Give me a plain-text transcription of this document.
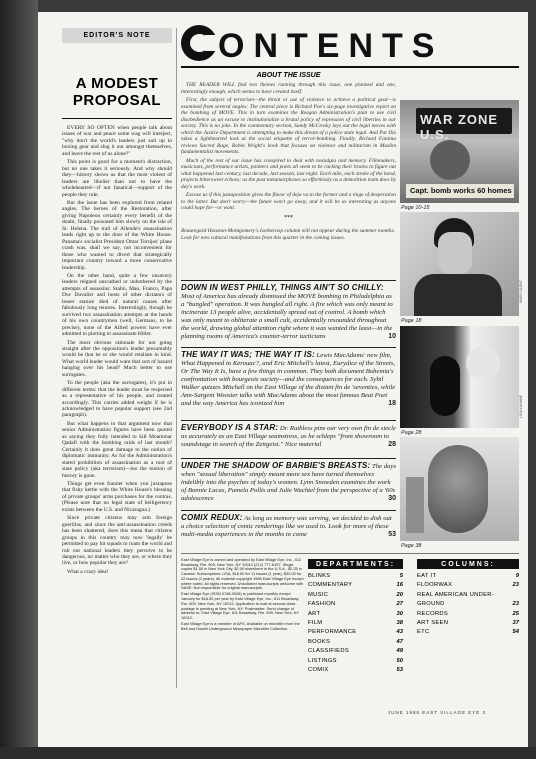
EDITOR'S NOTE
A MODEST
PROPOSAL

EVERY SO OFTEN when people talk about issues of war and peace some wag will interject, "why don't the world's leaders just suit up in boxing gear and slug it out amongst themselves, and leave the rest of us alone?"

This point is good for a moment's distraction, but no one takes it seriously. And why should they—history shows us that the most violent of leaders are likelier than not to have the wholehearted—if not fanatical—support of the people they rule.

But the issue has been explored from related angles. The heroes of the Restoration, after giving Napoleon certainly every benefit of the doubt, finally poisoned him slowly on the isle of St. Helena. The trail of Allende's assassination leads right up to the door of the White House. Panama's socialist President Omar Torrijos' plane crash was, shall we say, not inconvenient for those who wanted to divert that strategically important country toward a more conservative leadership.

On the other hand, quite a few unsavory leaders reigned unscathed or unbothered by the attempts of assassins: Stalin, Mao, Franco, Papa Doc Duvalier and hosts of other dictators of lesser stature died of natural causes after fabulously long tenures. Interestingly, though he survived two assassination attempts at the hands of his own countrymen (well, Germans, to be precise), none of the Allied powers have ever admitted to plotting to assassinate Hitler.

The most obvious rationale for not going straight after the opposition's leader presumably would be that he or she would retaliate in kind. What world leader would want that sort of hazard hanging over his head? Much better to use surrogates.

To the people (aka the surrogates), it's put in different terms: that the leader must be respected as a representative of his people, and treated accordingly. This carries added weight if he is acknowledged to have popular support (see 2nd paragraph).

But what happens to that argument now that senior Administration figures have been quoted as saying they fully intended to kill Moammar Qadafi with the bombing raids of last month? Certainly it does great damage to the notion of diplomatic immunity. As for the Administration's stated prohibition of assassination as a tool of state policy (aka terrorism)—mo the motion of history is gone.

Things get even funnier when you juxtapose that fishy kettle with the White House's blessing of private groups' arms purchases for the contras. (Please note that no legal state of belligerency exists between the U.S. and Nicaragua.)

Since private citizens may arm foreign guerillas, and since the anti-assassination creeds has been shattered, does this mean that citizens groups in this country may now 'legally' be permitted to pay hit squads to roam the world and rub out national leaders they perceive to be dangerous, no matter who they are, or where they live, or how popular they are?

What a crazy idea!

ONTENTS
ABOUT THE ISSUE

THE READER WILL find two themes running through this issue, one planned and one, interestingly enough, which seems to have created itself.

First, the subject of terrorism—the threat or use of violence to achieve a political goal—is examined from several angles: The central piece is Richard Poe's six-page investigative report on the bombing of MOVE. This in turn examines the Reagan Administration's plan to use civil disobedience as an excuse to institutionalize a brutal policy of repression of civil liberties in our society. This is no joke. In the commentary section, Sandy McCrosky lays out the legal moves with which the Justice Department is attempting to make this dream of a police state legal. And Pat Dix takes a lighthearted look at the social etiquette of terror-bombing. Finally, Richard Fantina reviews Sacred Rage, Robin Wright's book that focuses on violence and militarism in Muslim fundamentalist movements.

Much of the rest of our issue has conspired to deal with nostalgia and memory. Filmmakers, musicians, performance artists, painters and poets all seem to be racking their brains to figure out what happened last century, last decade, last season, last night. Each mile, each stroke of the hand, projects bittersweet echoes; as the past metamorphoses so effortlessly as a demolition team does by day's work.

Excuse us if this juxtaposition gives the flavor of deja vu to the former and a tinge of desperation to the latter. But don't worry—the future won't go away, and it will be as interesting as anyone could hope for—or want.

***
Beauregard Houston-Montgomery's Isotheroop column will not appear during the summer months. Look for new cultural manifestations from this quarter in the coming issues.
DOWN IN WEST PHILLY, THINGS AIN'T SO CHILLY: Most of America has already dismissed the MOVE bombing in Philadelphia as a "bungled" operation. It was bungled all right. A fire which was only meant to incinerate 13 people alive, accidentally spread out of control. A bomb which was only meant to obliterate a small cult, accidentally resounded throughout the world, drawing global attention right where it was wanted the least—in the planning rooms of America's counter-terror tacticians	10
THE WAY IT WAS; THE WAY IT IS: Lewis MacAdams' new film, What Happened to Kerouac?, and Eric Mitchell's latest, Eurydice of the Streets, Or The Way It Is, have a few things in common. They both document Bohemia's confrontation with bourgeois society—and the consequences for each. Sybil Walker quizzes Mitchell on the East Village of the distant fin de 'seventies, while Ann-Sargent Wooster talks with MacAdams about the most famous Beat Poet and the way America has iconized him	18
EVERYBODY IS A STAR: Dr. Ruthless pins our very own fin de siecle as accurately as an East Village seamstress, as he schleps "from showroom to soundstage in search of the Zeitgeist." Nice material	28
UNDER THE SHADOW OF BARBIE'S BREASTS: The days when "sexual liberation" simply meant more sex have turned themselves indelibly into the psyches of today's women. Lynn Snowden examines the work of Bonnie Lucas, Pamela Pollis and Julie Wachtel from the perspective of a '60s adolescence	30
COMIX REDUX: As long as memory was serving, we decided to dish out a choice selection of comic renderings like we used to. Look for more of these multi-media experiences in the months to come	53
WAR ZONE U.S.
Capt. bomb works 60 homes
Page 10-15
MARY OLENT
Page 18
LISA KAHANE
Page 28
Page 38

East Village Eye is owned and operated by East Village Eye, Inc., 611 Broadway, Rm. 609, New York, NY 10012 (212) 777-6157. Single copies $1.50 in New York City, $2.00 elsewhere in the U.S.A., $2.25 in Canada. Subscriptions: USA, $16.50 for 11 issues (1 year), $30.00 for 22 issues (2 years). All material copyright 1986 East Village Eye except where noted. All rights reserved. Unsolicited manuscripts welcome with SASE. Not responsible for original manuscripts.

East Village Eye (ISSN 0748-0006) is published monthly except January for $16.50 per year by East Village Eye, Inc., 611 Broadway, Rm. 609, New York, NY 10012. Application to mail at second-class postage is pending at New York, NY. Postmaster: Send change of address to: East Village Eye, 611 Broadway, Rm. 609, New York, NY 10012.

East Village Eye is a member of APS. Available on microfilm from the Bell and Howell Underground Newspaper Microfilm Collection.

DEPARTMENTS:
BLINKS	5
COMMENTARY	16
MUSIC	20
FASHION	27
ART	30
FILM	38
PERFORMANCE	43
BOOKS	47
CLASSIFIEDS	49
LISTINGS	50
COMIX	53
COLUMNS:
EAT IT	9
FLOORWAX	23
REAL AMERICAN UNDER-
GROUND	23
RECORDS	25
ART SEEN	37
ETC	54
JUNE 1986 EAST VILLAGE EYE 3
